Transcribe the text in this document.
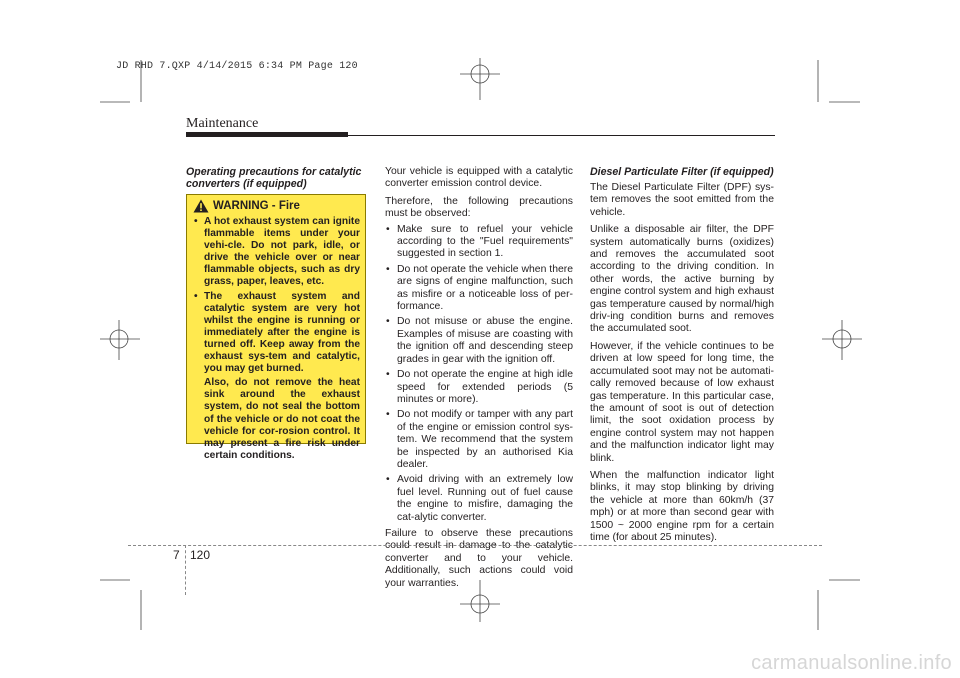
JD RHD 7.QXP 4/14/2015 6:34 PM Page 120
Maintenance
Operating precautions for catalytic converters (if equipped)
WARNING - Fire
• A hot exhaust system can ignite flammable items under your vehi-cle. Do not park, idle, or drive the vehicle over or near flammable objects, such as dry grass, paper, leaves, etc.
• The exhaust system and catalytic system are very hot whilst the engine is running or immediately after the engine is turned off. Keep away from the exhaust sys-tem and catalytic, you may get burned.

Also, do not remove the heat sink around the exhaust system, do not seal the bottom of the vehicle or do not coat the vehicle for cor-rosion control. It may present a fire risk under certain conditions.

Your vehicle is equipped with a catalytic converter emission control device.

Therefore, the following precautions must be observed:

• Make sure to refuel your vehicle according to the "Fuel requirements" suggested in section 1.
• Do not operate the vehicle when there are signs of engine malfunction, such as misfire or a noticeable loss of per-formance.
• Do not misuse or abuse the engine. Examples of misuse are coasting with the ignition off and descending steep grades in gear with the ignition off.
• Do not operate the engine at high idle speed for extended periods (5 minutes or more).
• Do not modify or tamper with any part of the engine or emission control sys-tem. We recommend that the system be inspected by an authorised Kia dealer.
• Avoid driving with an extremely low fuel level. Running out of fuel cause the engine to misfire, damaging the cat-alytic converter.

Failure to observe these precautions could result in damage to the catalytic converter and to your vehicle. Additionally, such actions could void your warranties.

Diesel Particulate Filter (if equipped)

The Diesel Particulate Filter (DPF) sys-tem removes the soot emitted from the vehicle.

Unlike a disposable air filter, the DPF system automatically burns (oxidizes) and removes the accumulated soot according to the driving condition. In other words, the active burning by engine control system and high exhaust gas temperature caused by normal/high driv-ing condition burns and removes the accumulated soot.

However, if the vehicle continues to be driven at low speed for long time, the accumulated soot may not be automati-cally removed because of low exhaust gas temperature. In this particular case, the amount of soot is out of detection limit, the soot oxidation process by engine control system may not happen and the malfunction indicator light may blink.

When the malfunction indicator light blinks, it may stop blinking by driving the vehicle at more than 60km/h (37 mph) or at more than second gear with 1500 ~ 2000 engine rpm for a certain time (for about 25 minutes).

7 120
carmanualsonline.info
